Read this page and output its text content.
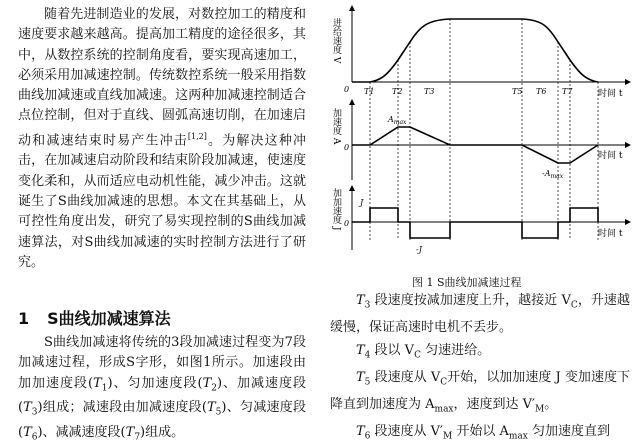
随着先进制造业的发展，对数控加工的精度和速度要求越来越高。提高加工精度的途径很多，其中，从数控系统的控制角度看，要实现高速加工，必须采用加减速控制。传统数控系统一般采用指数曲线加减速或直线加减速。这两种加减速控制适合点位控制，但对于直线、圆弧高速切削，在加速启动和减速结束时易产生冲击[1,2]。为解决这种冲击，在加减速启动阶段和结束阶段加减速，使速度变化柔和，从而适应电动机性能，减少冲击。这就诞生了S曲线加减速的思想。本文在其基础上，从可控性角度出发，研究了易实现控制的S曲线加减速算法，对S曲线加减速的实时控制方法进行了研究。
1 S曲线加减速算法
S曲线加减速将传统的3段加减速过程变为7段加减速过程，形成S字形，如图1所示。加速段由加加速度段$(T_1)$、匀加速度段$(T_2)$、加减速度段$(T_3)$组成；减速段由加减速度段$(T_5)$、匀减速度段$(T_6)$、减减速度段$(T_7)$组成。
进给速度 V
时间 t
0 T1 T2	T3	T5 T6 T7
加速度 A
时间 t
0
$A_{max}$
$-A_{max}$
加加速度 J
时间 t
0
J
-J

图 1 S曲线加减速过程

$T_3$ 段速度按减加速度上升，越接近 $V_C$，升速越缓慢，保证高速时电机不丢步。

$T_4$ 段以 $V_C$ 匀速进给。

$T_5$ 段速度从 $V_C$开始，以加加速度 J 变加速度下降直到加速度为 $A_{max}$，速度到达 $V'_M$。

$T_6$ 段速度从 $V'_M$ 开始以 $A_{max}$ 匀加速度直到
